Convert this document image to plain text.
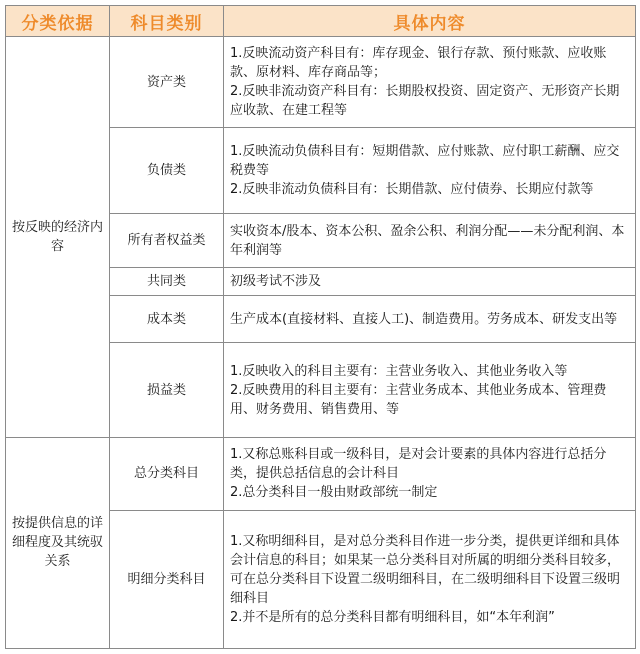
分类依据	科目类别	具体内容
按反映的经济内容	资产类	1.反映流动资产科目有：库存现金、银行存款、预付账款、应收账款、原材料、库存商品等；
2.反映非流动资产科目有：长期股权投资、固定资产、无形资产长期应收款、在建工程等

	负债类	1.反映流动负债科目有：短期借款、应付账款、应付职工薪酬、应交税费等
2.反映非流动负债科目有：长期借款、应付债券、长期应付款等

	所有者权益类	实收资本/股本、资本公积、盈余公积、利润分配——未分配利润、本年利润等

	共同类	初级考试不涉及

	成本类	生产成本(直接材料、直接人工)、制造费用。劳务成本、研发支出等

	损益类	1.反映收入的科目主要有：主营业务收入、其他业务收入等
2.反映费用的科目主要有：主营业务成本、其他业务成本、管理费用、财务费用、销售费用、等

按提供信息的详细程度及其统驭关系	总分类科目	1.又称总账科目或一级科目，是对会计要素的具体内容进行总括分类，提供总括信息的会计科目
2.总分类科目一般由财政部统一制定

	明细分类科目	1.又称明细科目，是对总分类科目作进一步分类，提供更详细和具体会计信息的科目；如果某一总分类科目对所属的明细分类科目较多，可在总分类科目下设置二级明细科目，在二级明细科目下设置三级明细科目
2.并不是所有的总分类科目都有明细科目，如“本年利润”
